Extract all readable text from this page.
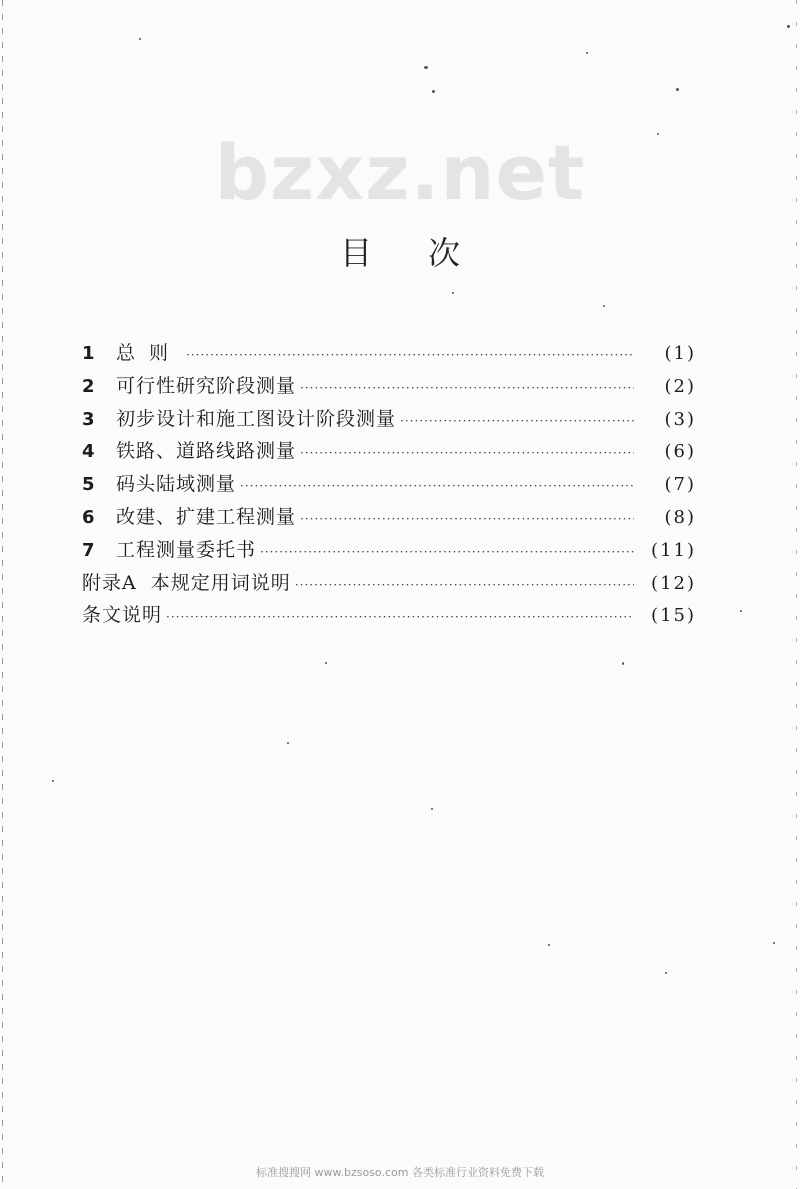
bzxz.net
目次
1	总则 ·····	(1)
2	可行性研究阶段测量 ·····	(2)
3	初步设计和施工图设计阶段测量 ·····	(3)
4	铁路、道路线路测量 ·····	(6)
5	码头陆域测量 ·····	(7)
6	改建、扩建工程测量 ·····	(8)
7	工程测量委托书 ·····	(11)
附录A  本规定用词说明 ·····	(12)
条文说明 ·····	(15)
标准搜搜网 www.bzsoso.com 各类标准行业资料免费下载
